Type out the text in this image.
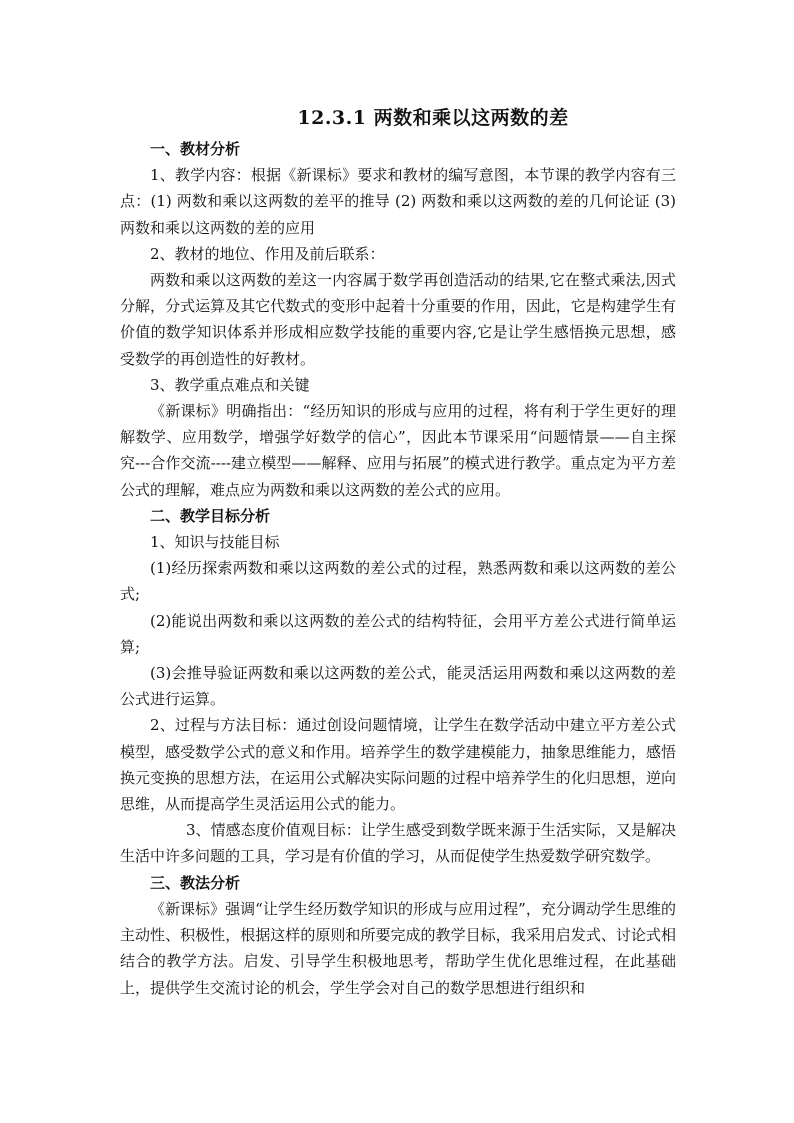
12.3.1 两数和乘以这两数的差

一、教材分析

1、教学内容：根据《新课标》要求和教材的编写意图，本节课的教学内容有三点：(1) 两数和乘以这两数的差平的推导 (2) 两数和乘以这两数的差的几何论证 (3) 两数和乘以这两数的差的应用

2、教材的地位、作用及前后联系：

两数和乘以这两数的差这一内容属于数学再创造活动的结果,它在整式乘法,因式分解，分式运算及其它代数式的变形中起着十分重要的作用，因此，它是构建学生有价值的数学知识体系并形成相应数学技能的重要内容,它是让学生感悟换元思想，感受数学的再创造性的好教材。

3、教学重点难点和关键

《新课标》明确指出：“经历知识的形成与应用的过程，将有利于学生更好的理解数学、应用数学，增强学好数学的信心”，因此本节课采用“问题情景——自主探究---合作交流----建立模型——解释、应用与拓展”的模式进行教学。重点定为平方差公式的理解，难点应为两数和乘以这两数的差公式的应用。

二、教学目标分析

1、知识与技能目标

(1)经历探索两数和乘以这两数的差公式的过程，熟悉两数和乘以这两数的差公式;

(2)能说出两数和乘以这两数的差公式的结构特征，会用平方差公式进行简单运算;

(3)会推导验证两数和乘以这两数的差公式，能灵活运用两数和乘以这两数的差公式进行运算。

2、过程与方法目标：通过创设问题情境，让学生在数学活动中建立平方差公式模型，感受数学公式的意义和作用。培养学生的数学建模能力，抽象思维能力，感悟换元变换的思想方法，在运用公式解决实际问题的过程中培养学生的化归思想，逆向思维，从而提高学生灵活运用公式的能力。

3、情感态度价值观目标：让学生感受到数学既来源于生活实际，又是解决生活中许多问题的工具，学习是有价值的学习，从而促使学生热爱数学研究数学。

三、教法分析

《新课标》强调“让学生经历数学知识的形成与应用过程”，充分调动学生思维的主动性、积极性，根据这样的原则和所要完成的教学目标，我采用启发式、讨论式相结合的教学方法。启发、引导学生积极地思考，帮助学生优化思维过程，在此基础上，提供学生交流讨论的机会，学生学会对自己的数学思想进行组织和
